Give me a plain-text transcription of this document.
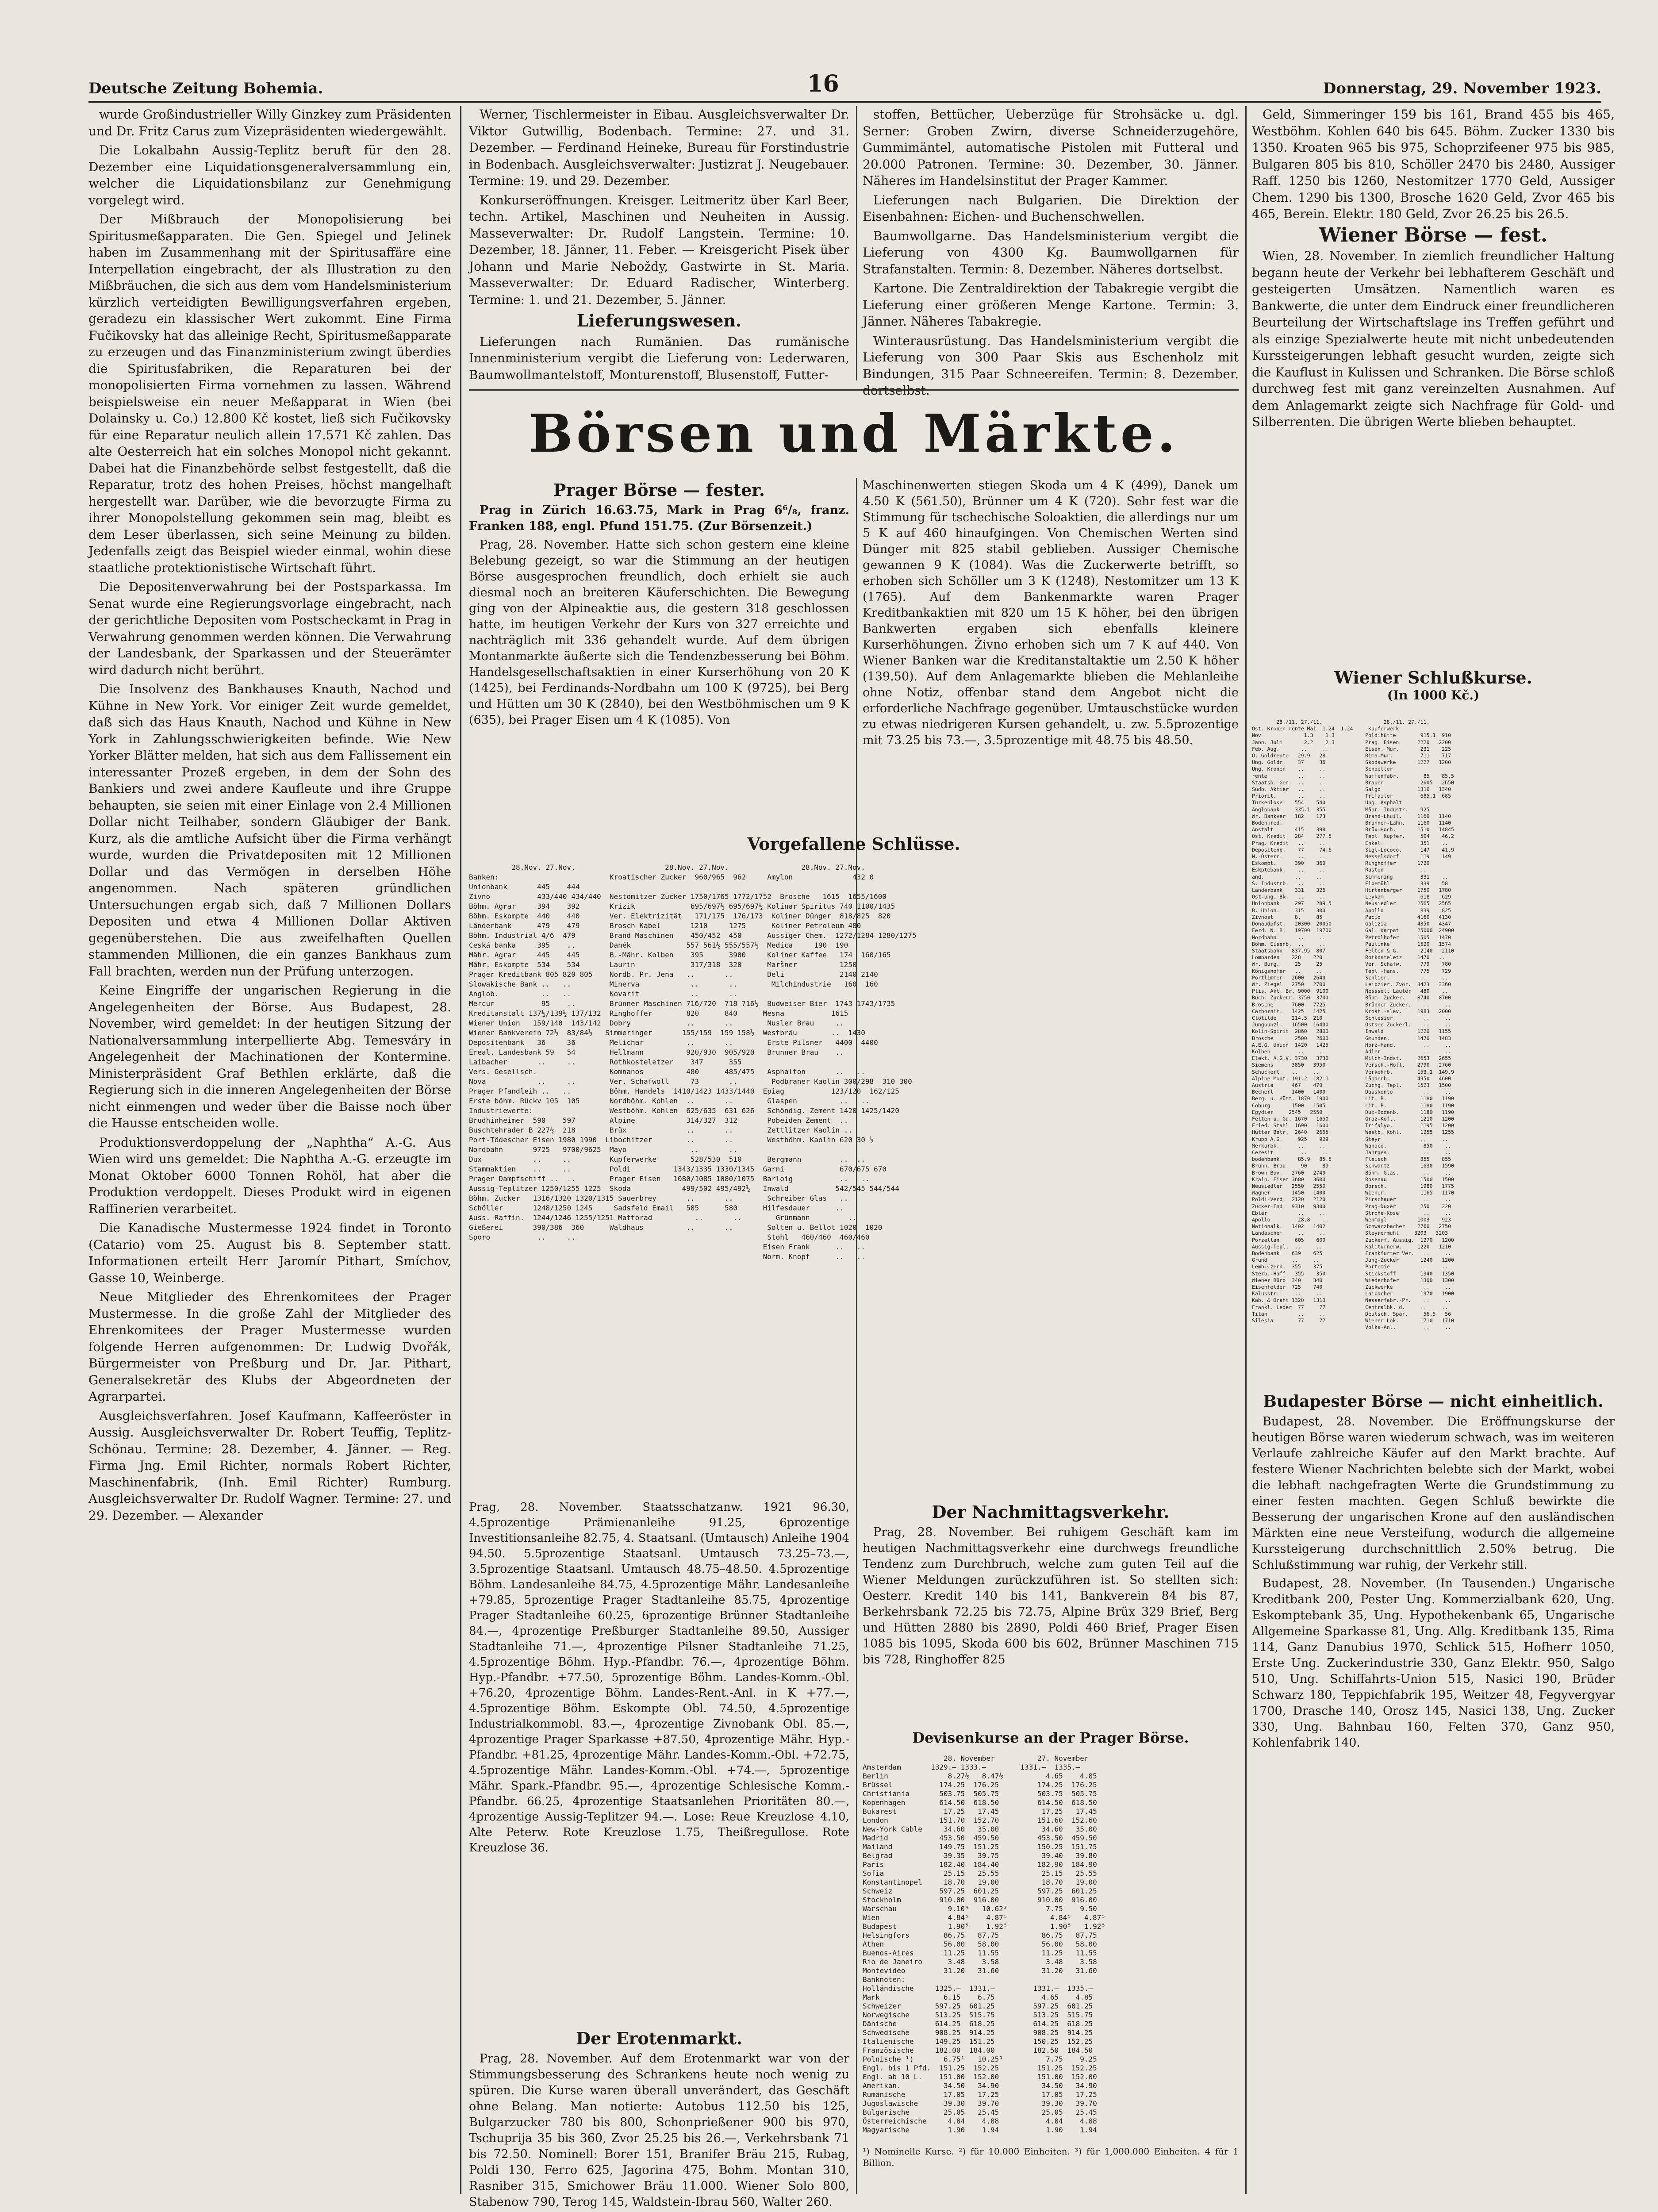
Deutsche Zeitung Bohemia.	16	Donnerstag, 29. November 1923.

wurde Großindustrieller Willy Ginzkey zum Präsidenten und Dr. Fritz Carus zum Vizepräsidenten wiedergewählt.

Die Lokalbahn Aussig-Teplitz beruft für den 28. Dezember eine Liquidationsgeneralversammlung ein, welcher die Liquidationsbilanz zur Genehmigung vorgelegt wird.

Der Mißbrauch der Monopolisierung bei Spiritusmeßapparaten. Die Gen. Spiegel und Jelinek haben im Zusammenhang mit der Spiritusaffäre eine Interpellation eingebracht, der als Illustration zu den Mißbräuchen, die sich aus dem vom Handelsministerium kürzlich verteidigten Bewilligungsverfahren ergeben, geradezu ein klassischer Wert zukommt. Eine Firma Fučikovsky hat das alleinige Recht, Spiritusmeßapparate zu erzeugen und das Finanzministerium zwingt überdies die Spiritusfabriken, die Reparaturen bei der monopolisierten Firma vornehmen zu lassen. Während beispielsweise ein neuer Meßapparat in Wien (bei Dolainsky u. Co.) 12.800 Kč kostet, ließ sich Fučikovsky für eine Reparatur neulich allein 17.571 Kč zahlen. Das alte Oesterreich hat ein solches Monopol nicht gekannt. Dabei hat die Finanzbehörde selbst festgestellt, daß die Reparatur, trotz des hohen Preises, höchst mangelhaft hergestellt war. Darüber, wie die bevorzugte Firma zu ihrer Monopolstellung gekommen sein mag, bleibt es dem Leser überlassen, sich seine Meinung zu bilden. Jedenfalls zeigt das Beispiel wieder einmal, wohin diese staatliche protektionistische Wirtschaft führt.

Die Depositenverwahrung bei der Postsparkassa. Im Senat wurde eine Regierungsvorlage eingebracht, nach der gerichtliche Depositen vom Postscheckamt in Prag in Verwahrung genommen werden können. Die Verwahrung der Landesbank, der Sparkassen und der Steuerämter wird dadurch nicht berührt.

Die Insolvenz des Bankhauses Knauth, Nachod und Kühne in New York. Vor einiger Zeit wurde gemeldet, daß sich das Haus Knauth, Nachod und Kühne in New York in Zahlungsschwierigkeiten befinde. Wie New Yorker Blätter melden, hat sich aus dem Fallissement ein interessanter Prozeß ergeben, in dem der Sohn des Bankiers und zwei andere Kaufleute und ihre Gruppe behaupten, sie seien mit einer Einlage von 2.4 Millionen Dollar nicht Teilhaber, sondern Gläubiger der Bank. Kurz, als die amtliche Aufsicht über die Firma verhängt wurde, wurden die Privatdepositen mit 12 Millionen Dollar und das Vermögen in derselben Höhe angenommen. Nach späteren gründlichen Untersuchungen ergab sich, daß 7 Millionen Dollars Depositen und etwa 4 Millionen Dollar Aktiven gegenüberstehen. Die aus zweifelhaften Quellen stammenden Millionen, die ein ganzes Bankhaus zum Fall brachten, werden nun der Prüfung unterzogen.

Keine Eingriffe der ungarischen Regierung in die Angelegenheiten der Börse. Aus Budapest, 28. November, wird gemeldet: In der heutigen Sitzung der Nationalversammlung interpellierte Abg. Temesváry in Angelegenheit der Machinationen der Kontermine. Ministerpräsident Graf Bethlen erklärte, daß die Regierung sich in die inneren Angelegenheiten der Börse nicht einmengen und weder über die Baisse noch über die Hausse entscheiden wolle.

Produktionsverdoppelung der „Naphtha“ A.-G. Aus Wien wird uns gemeldet: Die Naphtha A.-G. erzeugte im Monat Oktober 6000 Tonnen Rohöl, hat aber die Produktion verdoppelt. Dieses Produkt wird in eigenen Raffinerien verarbeitet.

Die Kanadische Mustermesse 1924 findet in Toronto (Catario) vom 25. August bis 8. September statt. Informationen erteilt Herr Jaromír Pithart, Smíchov, Gasse 10, Weinberge.

Neue Mitglieder des Ehrenkomitees der Prager Mustermesse. In die große Zahl der Mitglieder des Ehrenkomitees der Prager Mustermesse wurden folgende Herren aufgenommen: Dr. Ludwig Dvořák, Bürgermeister von Preßburg und Dr. Jar. Pithart, Generalsekretär des Klubs der Abgeordneten der Agrarpartei.

Ausgleichsverfahren. Josef Kaufmann, Kaffeeröster in Aussig. Ausgleichsverwalter Dr. Robert Teuffig, Teplitz-Schönau. Termine: 28. Dezember, 4. Jänner. — Reg. Firma Jng. Emil Richter, normals Robert Richter, Maschinenfabrik, (Inh. Emil Richter) Rumburg. Ausgleichsverwalter Dr. Rudolf Wagner. Termine: 27. und 29. Dezember. — Alexander

Werner, Tischlermeister in Eibau. Ausgleichsverwalter Dr. Viktor Gutwillig, Bodenbach. Termine: 27. und 31. Dezember. — Ferdinand Heineke, Bureau für Forstindustrie in Bodenbach. Ausgleichsverwalter: Justizrat J. Neugebauer. Termine: 19. und 29. Dezember.

Konkurseröffnungen. Kreisger. Leitmeritz über Karl Beer, techn. Artikel, Maschinen und Neuheiten in Aussig. Masseverwalter: Dr. Rudolf Langstein. Termine: 10. Dezember, 18. Jänner, 11. Feber. — Kreisgericht Pisek über Johann und Marie Neboždy, Gastwirte in St. Maria. Masseverwalter: Dr. Eduard Radischer, Winterberg. Termine: 1. und 21. Dezember, 5. Jänner.

Lieferungswesen.

Lieferungen nach Rumänien. Das rumänische Innenministerium vergibt die Lieferung von: Lederwaren, Baumwollmantelstoff, Monturenstoff, Blusenstoff, Futter-

stoffen, Bettücher, Ueberzüge für Strohsäcke u. dgl. Serner: Groben Zwirn, diverse Schneiderzugehöre, Gummimäntel, automatische Pistolen mit Futteral und 20.000 Patronen. Termine: 30. Dezember, 30. Jänner. Näheres im Handelsinstitut der Prager Kammer.

Lieferungen nach Bulgarien. Die Direktion der Eisenbahnen: Eichen- und Buchenschwellen.

Baumwollgarne. Das Handelsministerium vergibt die Lieferung von 4300 Kg. Baumwollgarnen für Strafanstalten. Termin: 8. Dezember. Näheres dortselbst.

Kartone. Die Zentraldirektion der Tabakregie vergibt die Lieferung einer größeren Menge Kartone. Termin: 3. Jänner. Näheres Tabakregie.

Winterausrüstung. Das Handelsministerium vergibt die Lieferung von 300 Paar Skis aus Eschenholz mit Bindungen, 315 Paar Schneereifen. Termin: 8. Dezember. dortselbst.

Geld, Simmeringer 159 bis 161, Brand 455 bis 465, Westböhm. Kohlen 640 bis 645. Böhm. Zucker 1330 bis 1350. Kroaten 965 bis 975, Schoprzifeener 975 bis 985, Bulgaren 805 bis 810, Schöller 2470 bis 2480, Aussiger Raff. 1250 bis 1260, Nestomitzer 1770 Geld, Aussiger Chem. 1290 bis 1300, Brosche 1620 Geld, Zvor 465 bis 465, Berein. Elektr. 180 Geld, Zvor 26.25 bis 26.5.

Wiener Börse — fest.

Wien, 28. November. In ziemlich freundlicher Haltung begann heute der Verkehr bei lebhafterem Geschäft und gesteigerten Umsätzen. Namentlich waren es Bankwerte, die unter dem Eindruck einer freundlicheren Beurteilung der Wirtschaftslage ins Treffen geführt und als einzige Spezialwerte heute mit nicht unbedeutenden Kurssteigerungen lebhaft gesucht wurden, zeigte sich die Kauflust in Kulissen und Schranken. Die Börse schloß durchweg fest mit ganz vereinzelten Ausnahmen. Auf dem Anlagemarkt zeigte sich Nachfrage für Gold- und Silberrenten. Die übrigen Werte blieben behauptet.

Börsen und Märkte.
Prager Börse — fester.

Prag in Zürich 16.63.75, Mark in Prag 6⁶/₈, franz. Franken 188, engl. Pfund 151.75. (Zur Börsenzeit.)

Prag, 28. November. Hatte sich schon gestern eine kleine Belebung gezeigt, so war die Stimmung an der heutigen Börse ausgesprochen freundlich, doch erhielt sie auch diesmal noch an breiteren Käuferschichten. Die Bewegung ging von der Alpineaktie aus, die gestern 318 geschlossen hatte, im heutigen Verkehr der Kurs von 327 erreichte und nachträglich mit 336 gehandelt wurde. Auf dem übrigen Montanmarkte äußerte sich die Tendenzbesserung bei Böhm. Handelsgesellschaftsaktien in einer Kurserhöhung von 20 K (1425), bei Ferdinands-Nordbahn um 100 K (9725), bei Berg und Hütten um 30 K (2840), bei den Westböhmischen um 9 K (635), bei Prager Eisen um 4 K (1085). Von

Maschinenwerten stiegen Skoda um 4 K (499), Danek um 4.50 K (561.50), Brünner um 4 K (720). Sehr fest war die Stimmung für tschechische Soloaktien, die allerdings nur um 5 K auf 460 hinaufgingen. Von Chemischen Werten sind Dünger mit 825 stabil geblieben. Aussiger Chemische gewannen 9 K (1084). Was die Zuckerwerte betrifft, so erhoben sich Schöller um 3 K (1248), Nestomitzer um 13 K (1765). Auf dem Bankenmarkte waren Prager Kreditbankaktien mit 820 um 15 K höher, bei den übrigen Bankwerten ergaben sich ebenfalls kleinere Kurserhöhungen. Živno erhoben sich um 7 K auf 440. Von Wiener Banken war die Kreditanstaltaktie um 2.50 K höher (139.50). Auf dem Anlagemarkte blieben die Mehlanleihe ohne Notiz, offenbar stand dem Angebot nicht die erforderliche Nachfrage gegenüber. Umtauschstücke wurden zu etwas niedrigeren Kursen gehandelt, u. zw. 5.5prozentige mit 73.25 bis 73.—, 3.5prozentige mit 48.75 bis 48.50.

Vorgefallene Schlüsse.
28.Nov. 27.Nov.                     28.Nov. 27.Nov.                 28.Nov. 27.Nov.
Banken:                          Kroatischer Zucker  960/965  962     Amylon              432 0
Unionbank       445    444
Zivno           433/440 434/440  Nestomitzer Zucker 1750/1765 1772/1752  Brosche   1615  1655/1600
Böhm. Agrar     394    392       Krizik             695/697½ 695/697½ Kolinar Spiritus 740 1100/1435
Böhm. Eskompte  440    440       Ver. Elektrizität   171/175  176/173  Koliner Dünger  818/825  820
Länderbank      479    479       Brosch Kabel       1210     1275      Koliner Petroleum 480
Böhm. Industrial 4/6  479        Brand Maschinen    450/452  450      Aussiger Chem.  1272/1284 1280/1275
Ceská banka     395    ..        Daněk             557 561½ 555/557½  Medica     190  190
Mähr. Agrar     445    445       B.-Mähr. Kolben    395      3900     Koliner Kaffee   174  160/165
Mähr. Eskompte  534    534       Laurin             317/318  320      Maršner          1250
Prager Kreditbank 805 820 805    Nordb. Pr. Jena   ..       ..        Deli             2140 2140
Slowakische Bank ..   ..         Minerva            ..       ..        Milchindustrie   160  160
Anglob.          ..   ..         Kovarit            ..       ..
Mercur           95    ..        Brünner Maschinen 716/720  718 716½  Budweiser Bier  1743 1743/1735
Kreditanstalt 137½/139½ 137/132  Ringhoffer        820      840      Mesna           1615
Wiener Union   159/140  143/142  Dobry             ..       ..        Nusler Brau     ..
Wiener Bankverein 72½  83/84½   Simmeringer       155/159  159 158½  Westbräu        ..  1430
Depositenbank   36     36        Melichar          ..       ..        Erste Pilsner   4400  4400
Ereal. Landesbank 59   54        Hellmann          920/930  905/920   Brunner Brau    ..
Laibacher       ..     ..        Rothkosteletzer    347      355
Vers. Gesellsch.                 Komnanos          480      485/475   Asphalton       ..   ..
Nova            ..     ..        Ver. Schafwoll     73       ..        Podbraner Kaolin 300/298  310 300
Prager Pfandleih ..   ..         Böhm. Handels  1410/1423 1433/1440  Epiag           123/120  162/125
Erste böhm. Rückv 105  105       Nordböhm. Kohlen  ..       ..        Glaspen          ..   ..
Industriewerte:                  Westböhm. Kohlen  625/635  631 626   Schöndig. Zement 1420 1425/1420
Brudhinheimer  590    597        Alpine            314/327  312       Pobeiden Zement  ..
Buschtehrader B 227½  218        Brüx              ..       ..        Zettlitzer Kaolin ..
Port-Tödescher Eisen 1980 1990  Libochitzer        ..       ..        Westböhm. Kaolin 620 30 ½
Nordbahn       9725   9700/9625  Mayo               ..       ..
Dux            ..     ..         Kupferwerke        528/530  510      Bergmann         ..  ..
Stammaktien    ..     ..         Poldi          1343/1335 1330/1345  Garni             670/675 670
Prager Dampfschiff ..  ..        Prager Eisen   1080/1085 1080/1075  Barloig           ..   ..
Aussig-Teplitzer 1250/1255 1225  Skoda            499/502 495/492½   Inwald           542/545 544/544
Böhm. Zucker   1316/1320 1320/1315 Sauerbrey       ..       ..        Schreiber Glas   ..
Schöller       1248/1250 1245     Sadsfeld Email   585      580      Hilfesdauer      ..
Auss. Raffin.  1244/1246 1255/1251 Mattorad          ..       ..        Grünmann         ..
Gießerei       390/386  360      Waldhaus          ..       ..        Solten u. Bellot 1020  1020
Sporo           ..     ..                                             Stohl   460/460  460/460
Eisen Frank      ..   ..
Norm. Knopf      ..   ..
Prag, 28. November. Staatsschatzanw. 1921 96.30, 4.5prozentige Prämienanleihe 91.25, 6prozentige Investitionsanleihe 82.75, 4. Staatsanl. (Umtausch) Anleihe 1904 94.50. 5.5prozentige Staatsanl. Umtausch 73.25–73.—, 3.5prozentige Staatsanl. Umtausch 48.75–48.50. 4.5prozentige Böhm. Landesanleihe 84.75, 4.5prozentige Mähr. Landesanleihe +79.85, 5prozentige Prager Stadtanleihe 85.75, 4prozentige Prager Stadtanleihe 60.25, 6prozentige Brünner Stadtanleihe 84.—, 4prozentige Preßburger Stadtanleihe 89.50, Aussiger Stadtanleihe 71.—, 4prozentige Pilsner Stadtanleihe 71.25, 4.5prozentige Böhm. Hyp.-Pfandbr. 76.—, 4prozentige Böhm. Hyp.-Pfandbr. +77.50, 5prozentige Böhm. Landes-Komm.-Obl. +76.20, 4prozentige Böhm. Landes-Rent.-Anl. in K +77.—, 4.5prozentige Böhm. Eskompte Obl. 74.50, 4.5prozentige Industrialkommobl. 83.—, 4prozentige Zivnobank Obl. 85.—, 4prozentige Prager Sparkasse +87.50, 4prozentige Mähr. Hyp.-Pfandbr. +81.25, 4prozentige Mähr. Landes-Komm.-Obl. +72.75, 4.5prozentige Mähr. Landes-Komm.-Obl. +74.—, 5prozentige Mähr. Spark.-Pfandbr. 95.—, 4prozentige Schlesische Komm.-Pfandbr. 66.25, 4prozentige Staatsanlehen Prioritäten 80.—, 4prozentige Aussig-Teplitzer 94.—. Lose: Reue Kreuzlose 4.10, Alte Peterw. Rote Kreuzlose 1.75, Theißregullose. Rote Kreuzlose 36.
Der Nachmittagsverkehr.

Prag, 28. November. Bei ruhigem Geschäft kam im heutigen Nachmittagsverkehr eine durchwegs freundliche Tendenz zum Durchbruch, welche zum guten Teil auf die Wiener Meldungen zurückzuführen ist. So stellten sich: Oesterr. Kredit 140 bis 141, Bankverein 84 bis 87, Berkehrsbank 72.25 bis 72.75, Alpine Brüx 329 Brief, Berg und Hütten 2880 bis 2890, Poldi 460 Brief, Prager Eisen 1085 bis 1095, Skoda 600 bis 602, Brünner Maschinen 715 bis 728, Ringhoffer 825

Devisenkurse an der Prager Börse.
28. November          27. November
Amsterdam       1329.— 1333.—        1331.—  1335.—
Berlin              8.27½   8.47½          4.65    4.85
Brüssel           174.25  176.25         174.25  176.25
Christiania       503.75  505.75         503.75  505.75
Kopenhagen        614.50  618.50         614.50  618.50
Bukarest           17.25   17.45          17.25   17.45
London            151.70  152.70         151.60  152.60
New-York Cable     34.60   35.00          34.60   35.00
Madrid            453.50  459.50         453.50  459.50
Mailand           149.75  151.25         150.25  151.75
Belgrad            39.35   39.75          39.40   39.80
Paris             182.40  184.40         182.90  184.90
Sofia              25.15   25.55          25.15   25.55
Konstantinopel     18.70   19.00          18.70   19.00
Schweiz           597.25  601.25         597.25  601.25
Stockholm         910.00  916.00         910.00  916.00
Warschau            9.10⁴   10.62²         7.75    9.50
Wien                4.84⁵    4.87⁵          4.84⁵   4.87⁵
Budapest            1.90⁵    1.92⁵          1.90⁵   1.92⁵
Helsingfors        86.75   87.75          86.75   87.75
Athen              56.00   58.00          56.00   58.00
Buenos-Aires       11.25   11.55          11.25   11.55
Rio de Janeiro      3.48    3.58           3.48    3.58
Montevideo         31.20   31.60          31.20   31.60
Banknoten:
Holländische     1325.—  1331.—         1331.—  1335.—
Mark               6.15    6.75           4.65    4.85
Schweizer        597.25  601.25         597.25  601.25
Norwegische      513.25  515.75         513.25  515.75
Dänische         614.25  618.25         614.25  618.25
Schwedische      908.25  914.25         908.25  914.25
Italienische     149.25  151.25         150.25  152.25
Französische     182.00  184.00         182.50  184.50
Polnische ¹)       6.75¹   10.25¹          7.75    9.25
Engl. bis 1 Pfd.  151.25  152.25         151.25  152.25
Engl. ab 10 L.    151.00  152.00         151.00  152.00
Amerikan.          34.50   34.90          34.50   34.90
Rumänische         17.05   17.25          17.05   17.25
Jugoslawische      39.30   39.70          39.30   39.70
Bulgarische        25.05   25.45          25.05   25.45
Österreichische     4.84    4.88           4.84    4.88
Magyarische         1.90    1.94           1.90    1.94
¹) Nominelle Kurse. ²) für 10.000 Einheiten. ³) für 1,000.000 Einheiten. 4 für 1 Billion.
Der Erotenmarkt.

Prag, 28. November. Auf dem Erotenmarkt war von der Stimmungsbesserung des Schrankens heute noch wenig zu spüren. Die Kurse waren überall unverändert, das Geschäft ohne Belang. Man notierte: Autobus 112.50 bis 125, Bulgarzucker 780 bis 800, Schonprießener 900 bis 970, Tschuprija 35 bis 360, Zvor 25.25 bis 26.—, Verkehrsbank 71 bis 72.50. Nominell: Borer 151, Branifer Bräu 215, Rubag, Poldi 130, Ferro 625, Jagorina 475, Bohm. Montan 310, Rasniber 315, Smichower Bräu 11.000. Wiener Solo 800, Stabenow 790, Terog 145, Waldstein-Ibrau 560, Walter 260.

Wiener Schlußkurse.
(In 1000 Kč.)
28./11. 27./11.                    28./11. 27./11.
Ost. Kronen rente Mai  1.24  1.24     Kupferwerk
Nov              1.3    1.3          Poldihütte        915.1  910
Jänn. Juli       2.2    2.3          Prag. Eisen      2220   2200
Feb. Aug.       ..     ..            Eisen. Mur.       231    225
O. Goldrente   29.9   28             Rima-Mur.         711    717
Ung. Goldr.    37     36             Skodawerke       1227   1200
Ung. Kronen    ..     ..             Schoeller
rente          ..     ..             Waffenfabr.        85    85.5
Staatsb. Gen.  ..     ..             Brauer            2605   2650
Südb. Aktier   ..     ..             Salgo            1310   1340
Priorit.       ..     ..             Trifailer         685.1  685
Türkenlose    554    540             Ung. Asphalt
Anglobank     335.1  355             Mähr. Industr.    925
Wr. Bankver   182    173             Brand-Lhuil.     1160   1140
Bodenkred.                           Brünner-Lahn.    1160   1140
Anstalt       415    398             Brüx-Hoch.       1510   14845
Ost. Kredit   284    277.5           Tepl. Kupfer.     504    46.2
Prag. Kredit   ..     ..             Enkel.            351    ..
Depositenb.    77     74.6           Sigl-Lococo.      147    41.9
N.-Österr.     ..     ..             Nesselsdorf       119    149
Eskompt.      390    360             Ringhoffer       1720
Eskptebank.    ..     ..             Ruston            ..
and.          ..     ..              Simmering         331    ..
S. Industrb.   ..     ..             Elbemühl          339    58
Länderbank    331    326             Hirtenberger     1750   1780
Ost-ung. Bk.   ..     ..             Leykam            618    629
Unionbank     297    289.5           Neusiedler       2565   2565
B. Union.     315    300             Apollo            839    825
Zivnost       8.     85              Pacio            4160   4130
Donaudpfst.   20300  20050           Galizia          4350   4347
Ferd. N. B.   19700  19700           Gal. Karpat      25000  24900
Nordbahn.      ..     ..             Petrolhofer      1505   1470
Böhm. Eisenb.  ..     ..             Paulinke         1520   1574
Staatsbahn   837.95  807             Felten & G.       2140   2110
Lombarden    228    220              Rotkosteletz     1470   ..
Wr. Burg.     25     25              Ver. Schafw.      779    780
Königshofer   ..     ..              Tepl.-Hans.       775    729
Portlimmer   2600   2640             Schlier.          ..     ..
Wr. Ziegel   2750   2700             Leipzier. Zvor.  3423   3360
Plis. Akt. Br. 9000  9100            Nessselt Lauter   480    ..
Buch. Zuckerr. 3750  3700            Böhm. Zucker.    8740   8700
Brosche      7600   7725             Brünner Zucker.    ..     ..
Carbornit.   1425   1425             Kroat.-slav.     1983   2000
Clotilde     214.5  210              Schlesier          ..     ..
Jungbunzl.   16500  16400            Ostsee Zuckerl.    ..     ..
Kolin-Spirit  2860   2800            Inwald           1220   1155
Brosche       2500   2600            Gmunden.         1470   1483
A.E.G. Union  1420   1425            Horz-Hand.         ..     ..
Kolben         ..     ..             Adler              ..     ..
Elekt. A.G.V. 3730   3730            Milch-Indst.     2653   2655
Siemens      3850   3950             Versch.-Holl.    2790   2760
Schuckert.   ..     ..               Verkehrb.        153.1  149.9
Alpine Mont. 191.2  182.1            Länderb.         4950   4600
Austria      467    470              Zuchg. Tepl.     1523   1500
Becherl      1400   1400             Dauskonto          ..     ..
Berg. u. Hütt. 1870  1900            Lit. B.           1180   1190
Coburg       1500   1505             Lit. B.           1180   1190
Egydier     2545   2550              Dux-Bodenb.       1180   1190
Felten u. Gu. 1670   1650            Graz-Köfl.        1210   1200
Fried. Stahl  1690   1600            Trifalyo.         1195   1200
Hütter Betr.  2640   2665            Westb. Kohl.      1255   1255
Krupp A.G.     925    929            Steyr             ..     ..
Merkurbk.      ..     ..             Wanaco.            850    ..
Ceresit         ..     ..            Jahrges.           ..     ..
bodenbank      85.9   85.5           Fleisch           855    855
Brünn. Brau     90     89            Schwartz          1630   1590
Brown Bov.   2760   2740             Böhm. Glas.        ..     ..
Krain. Eisen 3680   3600             Rosenau           1500   1500
Neusiedler   2550   2550             Borsch.           1980   1775
Wagner       1450   1400             Wiener.           1165   1170
Poldi-Verd.  2120   2120             Pirschauer         ..     ..
Zucker-Ind.  9310   9300             Prag-Duxer        250    220
Ebler          ..     ..             Strohe-Kose        ..     ..
Apollo         28.8    ..            Wehmdgl          1003    923
Nationalk.   1402   1402             Schwarzbacher    2760   2750
Landaschef     ..     ..             Steyrermühl     3203   3203
Porzellan     605    600             Zuckerf. Aussig.  1270   1200
Aussig-Tepl.  ..     ..              Kaliturnerw.     1220   1210
Bodenbank    639    625              Frankfurter Ver.   ..     ..
Grund        ..     ..               Jung-Zucker       1240   1200
Lemb-Czern.  355    375              Portemie          ..     ..
Sterb.-Haff.  355    350             Stickstoff        1340   1350
Wiener Büro  340    340              Wiederhofer       1300   1300
Eisenfelder  725    740              Zuckwerke          ..     ..
Kalusstr.     ..     ..              Laibacher         1970   1900
Kab. & Draht 1320   1310             Nesserfabr.-Pr.    ..     ..
Frankl. Leder  77     77             Centralbk. d.     ..     ..
Titan          ..     ..             Deutsch. Spar.     56.5   56
Silesia        77     77             Wiener Lok.       1710   1710
Volks-Anl.         ..     ..
Budapester Börse — nicht einheitlich.

Budapest, 28. November. Die Eröffnungskurse der heutigen Börse waren wiederum schwach, was im weiteren Verlaufe zahlreiche Käufer auf den Markt brachte. Auf festere Wiener Nachrichten belebte sich der Markt, wobei die lebhaft nachgefragten Werte die Grundstimmung zu einer festen machten. Gegen Schluß bewirkte die Besserung der ungarischen Krone auf den ausländischen Märkten eine neue Versteifung, wodurch die allgemeine Kurssteigerung durchschnittlich 2.50% betrug. Die Schlußstimmung war ruhig, der Verkehr still.

Budapest, 28. November. (In Tausenden.) Ungarische Kreditbank 200, Pester Ung. Kommerzialbank 620, Ung. Eskomptebank 35, Ung. Hypothekenbank 65, Ungarische Allgemeine Sparkasse 81, Ung. Allg. Kreditbank 135, Rima 114, Ganz Danubius 1970, Schlick 515, Hofherr 1050, Erste Ung. Zuckerindustrie 330, Ganz Elektr. 950, Salgo 510, Ung. Schiffahrts-Union 515, Nasici 190, Brüder Schwarz 180, Teppichfabrik 195, Weitzer 48, Fegyvergyar 1700, Drasche 140, Orosz 145, Nasici 138, Ung. Zucker 330, Ung. Bahnbau 160, Felten 370, Ganz 950, Kohlenfabrik 140.
